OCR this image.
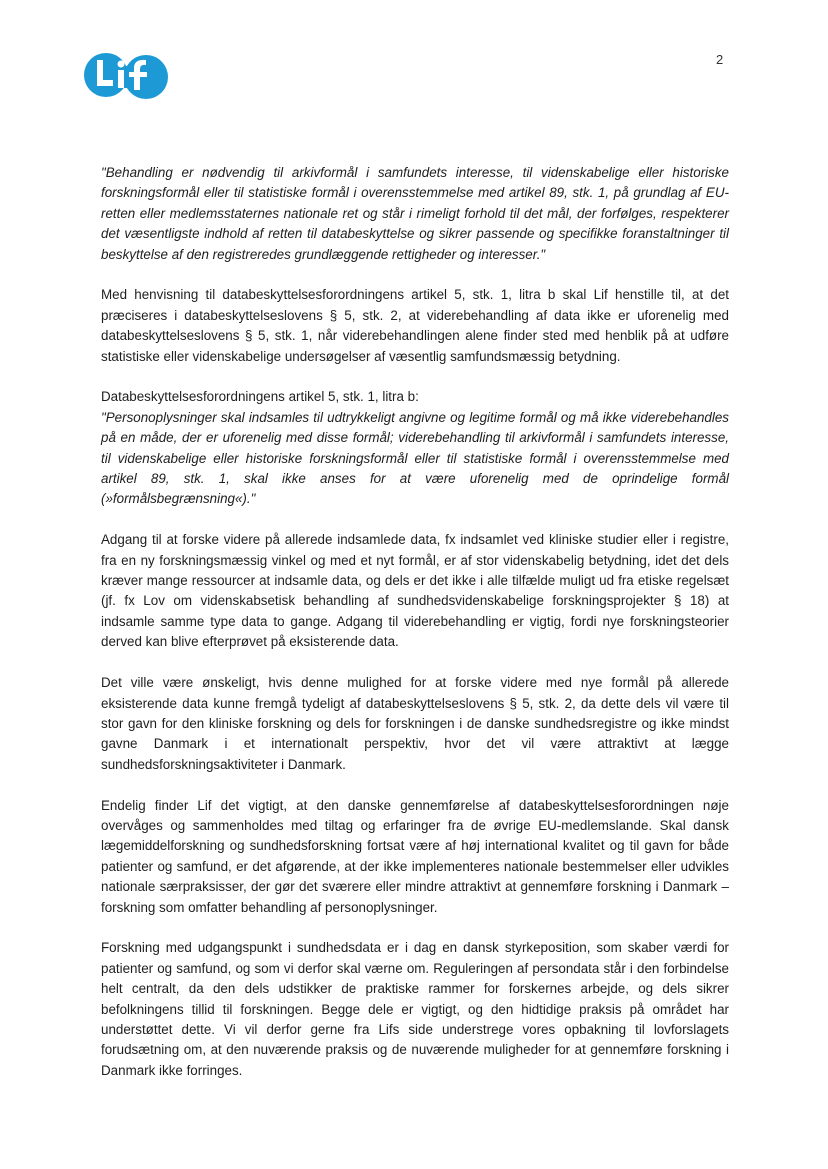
2

"Behandling er nødvendig til arkivformål i samfundets interesse, til videnskabelige eller historiske forskningsformål eller til statistiske formål i overensstemmelse med artikel 89, stk. 1, på grundlag af EU-retten eller medlemsstaternes nationale ret og står i rimeligt forhold til det mål, der forfølges, respekterer det væsentligste indhold af retten til databeskyttelse og sikrer passende og specifikke foranstaltninger til beskyttelse af den registreredes grundlæggende rettigheder og interesser."

Med henvisning til databeskyttelsesforordningens artikel 5, stk. 1, litra b skal Lif henstille til, at det præciseres i databeskyttelseslovens § 5, stk. 2, at viderebehandling af data ikke er uforenelig med databeskyttelseslovens § 5, stk. 1, når viderebehandlingen alene finder sted med henblik på at udføre statistiske eller videnskabelige undersøgelser af væsentlig samfundsmæssig betydning.

Databeskyttelsesforordningens artikel 5, stk. 1, litra b:

"Personoplysninger skal indsamles til udtrykkeligt angivne og legitime formål og må ikke viderebehandles på en måde, der er uforenelig med disse formål; viderebehandling til arkivformål i samfundets interesse, til videnskabelige eller historiske forskningsformål eller til statistiske formål i overensstemmelse med artikel 89, stk. 1, skal ikke anses for at være uforenelig med de oprindelige formål (»formålsbegrænsning«)."

Adgang til at forske videre på allerede indsamlede data, fx indsamlet ved kliniske studier eller i registre, fra en ny forskningsmæssig vinkel og med et nyt formål, er af stor videnskabelig betydning, idet det dels kræver mange ressourcer at indsamle data, og dels er det ikke i alle tilfælde muligt ud fra etiske regelsæt (jf. fx Lov om videnskabsetisk behandling af sundhedsvidenskabelige forskningsprojekter § 18) at indsamle samme type data to gange. Adgang til viderebehandling er vigtig, fordi nye forskningsteorier derved kan blive efterprøvet på eksisterende data.

Det ville være ønskeligt, hvis denne mulighed for at forske videre med nye formål på allerede eksisterende data kunne fremgå tydeligt af databeskyttelseslovens § 5, stk. 2, da dette dels vil være til stor gavn for den kliniske forskning og dels for forskningen i de danske sundhedsregistre og ikke mindst gavne Danmark i et internationalt perspektiv, hvor det vil være attraktivt at lægge sundhedsforskningsaktiviteter i Danmark.

Endelig finder Lif det vigtigt, at den danske gennemførelse af databeskyttelsesforordningen nøje overvåges og sammenholdes med tiltag og erfaringer fra de øvrige EU-medlemslande. Skal dansk lægemiddelforskning og sundhedsforskning fortsat være af høj international kvalitet og til gavn for både patienter og samfund, er det afgørende, at der ikke implementeres nationale bestemmelser eller udvikles nationale særpraksisser, der gør det sværere eller mindre attraktivt at gennemføre forskning i Danmark – forskning som omfatter behandling af personoplysninger.

Forskning med udgangspunkt i sundhedsdata er i dag en dansk styrkeposition, som skaber værdi for patienter og samfund, og som vi derfor skal værne om. Reguleringen af persondata står i den forbindelse helt centralt, da den dels udstikker de praktiske rammer for forskernes arbejde, og dels sikrer befolkningens tillid til forskningen. Begge dele er vigtigt, og den hidtidige praksis på området har understøttet dette. Vi vil derfor gerne fra Lifs side understrege vores opbakning til lovforslagets forudsætning om, at den nuværende praksis og de nuværende muligheder for at gennemføre forskning i Danmark ikke forringes.
